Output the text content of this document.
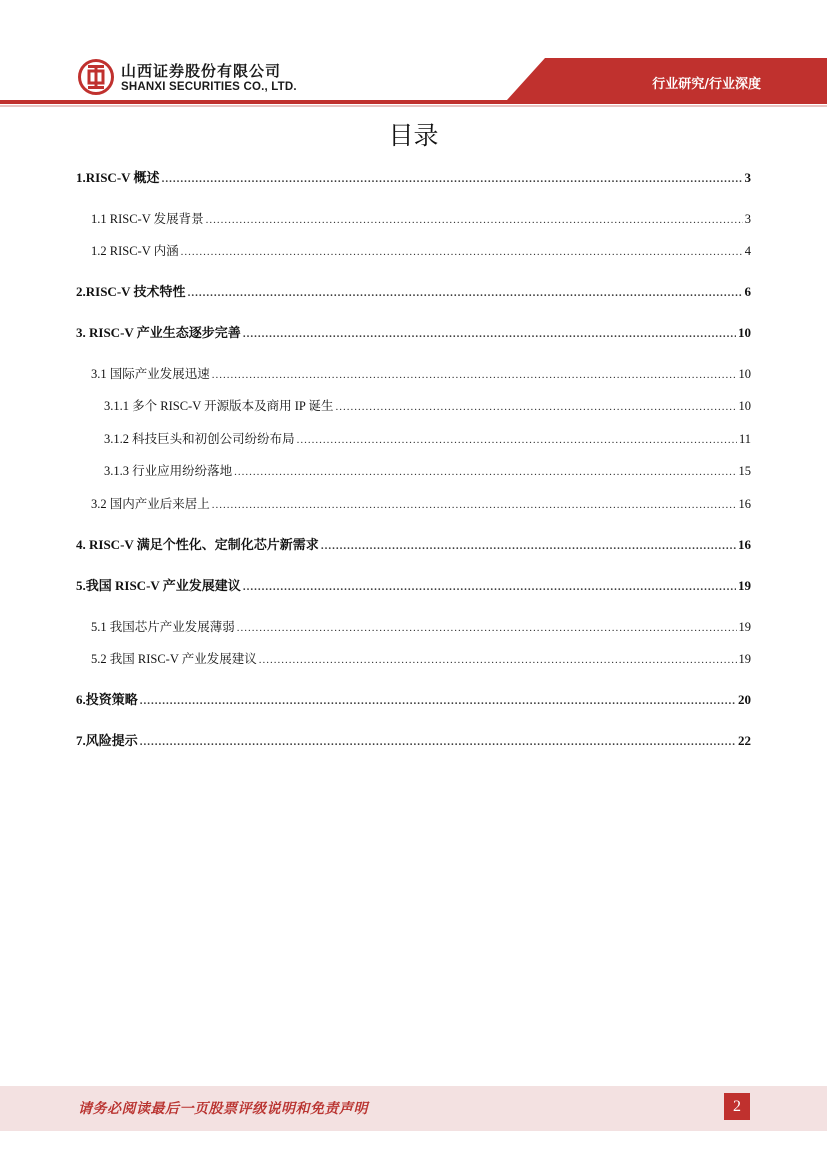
山西证券股份有限公司
SHANXI SECURITIES CO., LTD.	行业研究/行业深度
目录
1.RISC-V 概述 .....	3
1.1 RISC-V 发展背景 .....	3
1.2 RISC-V 内涵 .....	4
2.RISC-V 技术特性 .....	6
3. RISC-V 产业生态逐步完善 .....	10
3.1 国际产业发展迅速 .....	10
3.1.1 多个 RISC-V 开源版本及商用 IP 诞生 .....	10
3.1.2 科技巨头和初创公司纷纷布局 .....	11
3.1.3 行业应用纷纷落地 .....	15
3.2 国内产业后来居上 .....	16
4. RISC-V 满足个性化、定制化芯片新需求 .....	16
5.我国 RISC-V 产业发展建议 .....	19
5.1 我国芯片产业发展薄弱 .....	19
5.2 我国 RISC-V 产业发展建议 .....	19
6.投资策略 .....	20
7.风险提示 .....	22
请务必阅读最后一页股票评级说明和免责声明	2
